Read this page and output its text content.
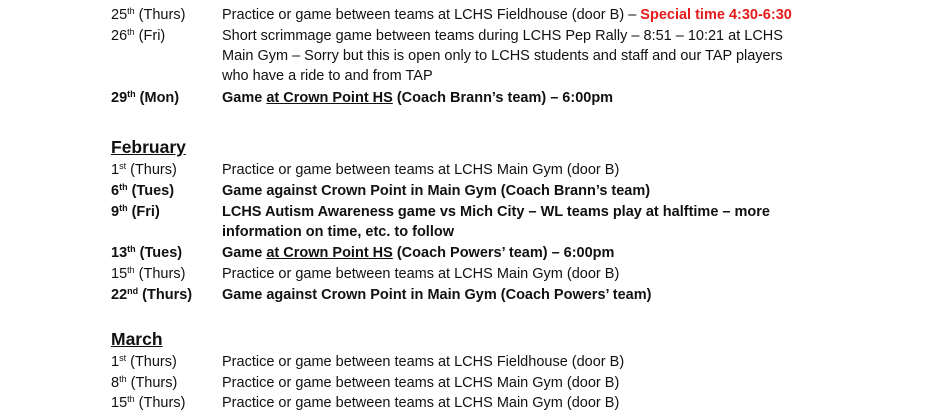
25th (Thurs)	Practice or game between teams at LCHS Fieldhouse (door B) – Special time 4:30-6:30
26th (Fri)	Short scrimmage game between teams during LCHS Pep Rally – 8:51 – 10:21 at LCHS
Main Gym – Sorry but this is open only to LCHS students and staff and our TAP players
who have a ride to and from TAP
29th (Mon)	Game at Crown Point HS (Coach Brann’s team) – 6:00pm
February
1st (Thurs)	Practice or game between teams at LCHS Main Gym (door B)
6th (Tues)	Game against Crown Point in Main Gym (Coach Brann’s team)
9th (Fri)	LCHS Autism Awareness game vs Mich City – WL teams play at halftime – more
information on time, etc. to follow
13th (Tues)	Game at Crown Point HS (Coach Powers’ team) – 6:00pm
15th (Thurs)	Practice or game between teams at LCHS Main Gym (door B)
22nd (Thurs) Game against Crown Point in Main Gym (Coach Powers’ team)
March
1st (Thurs)	Practice or game between teams at LCHS Fieldhouse (door B)
8th (Thurs)	Practice or game between teams at LCHS Main Gym (door B)
15th (Thurs)	Practice or game between teams at LCHS Main Gym (door B)
